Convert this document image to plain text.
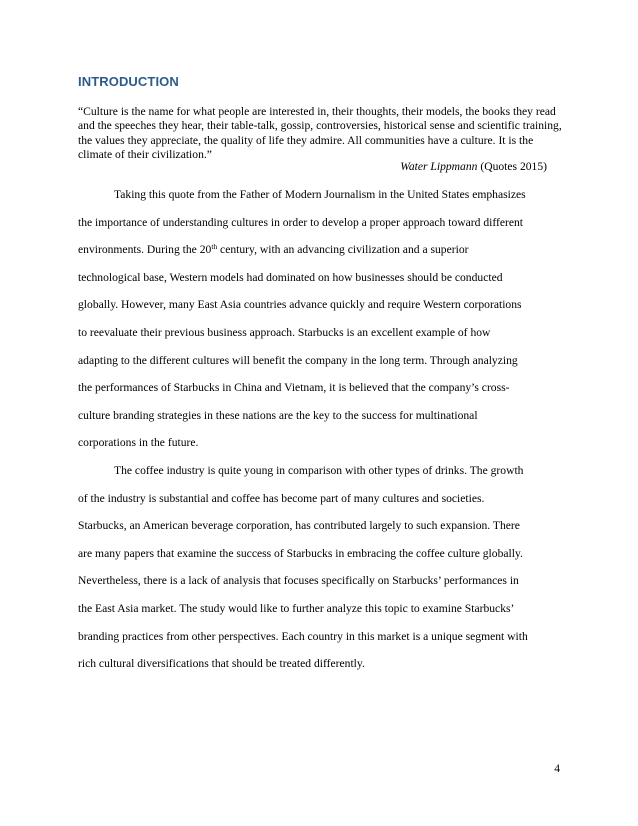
INTRODUCTION

“Culture is the name for what people are interested in, their thoughts, their models, the books they read and the speeches they hear, their table-talk, gossip, controversies, historical sense and scientific training, the values they appreciate, the quality of life they admire. All communities have a culture. It is the climate of their civilization.”

Water Lippmann (Quotes 2015)

Taking this quote from the Father of Modern Journalism in the United States emphasizes
the importance of understanding cultures in order to develop a proper approach toward different
environments. During the 20th century, with an advancing civilization and a superior
technological base, Western models had dominated on how businesses should be conducted
globally. However, many East Asia countries advance quickly and require Western corporations
to reevaluate their previous business approach. Starbucks is an excellent example of how
adapting to the different cultures will benefit the company in the long term. Through analyzing
the performances of Starbucks in China and Vietnam, it is believed that the company’s cross-
culture branding strategies in these nations are the key to the success for multinational
corporations in the future.
The coffee industry is quite young in comparison with other types of drinks. The growth
of the industry is substantial and coffee has become part of many cultures and societies.
Starbucks, an American beverage corporation, has contributed largely to such expansion. There
are many papers that examine the success of Starbucks in embracing the coffee culture globally.
Nevertheless, there is a lack of analysis that focuses specifically on Starbucks’ performances in
the East Asia market. The study would like to further analyze this topic to examine Starbucks’
branding practices from other perspectives. Each country in this market is a unique segment with
rich cultural diversifications that should be treated differently.

4
